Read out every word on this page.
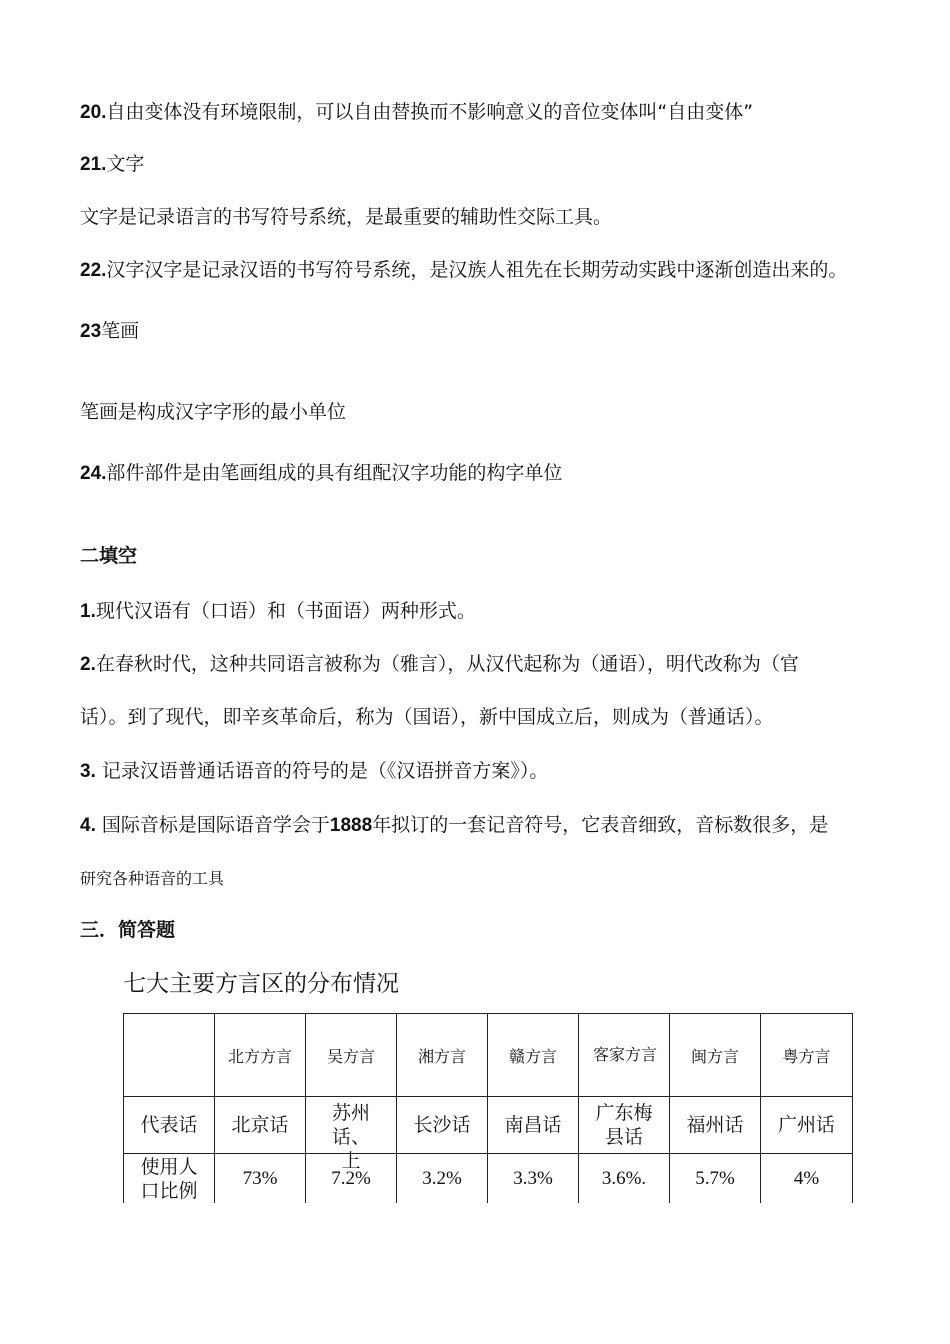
20.自由变体没有环境限制，可以自由替换而不影响意义的音位变体叫“自由变体”
21.文字
文字是记录语言的书写符号系统，是最重要的辅助性交际工具。
22.汉字汉字是记录汉语的书写符号系统，是汉族人祖先在长期劳动实践中逐渐创造出来的。
23笔画
笔画是构成汉字字形的最小单位
24.部件部件是由笔画组成的具有组配汉字功能的构字单位
二填空
1.现代汉语有（口语）和（书面语）两种形式。
2.在春秋时代，这种共同语言被称为（雅言），从汉代起称为（通语），明代改称为（官
话）。到了现代，即辛亥革命后，称为（国语），新中国成立后，则成为（普通话）。
3. 记录汉语普通话语音的符号的是（《汉语拼音方案》）。
4. 国际音标是国际语音学会于1888年拟订的一套记音符号，它表音细致，音标数很多，是
研究各种语音的工具
三．简答题
七大主要方言区的分布情况
	北方方言	吴方言	湘方言	赣方言	客家方言	闽方言	粤方言
代表话	北京话	苏州话、上	长沙话	南昌话	广东梅县话	福州话	广州话

使用人口比例	73%	7.2%	3.2%	3.3%	3.6%.	5.7%	4%
